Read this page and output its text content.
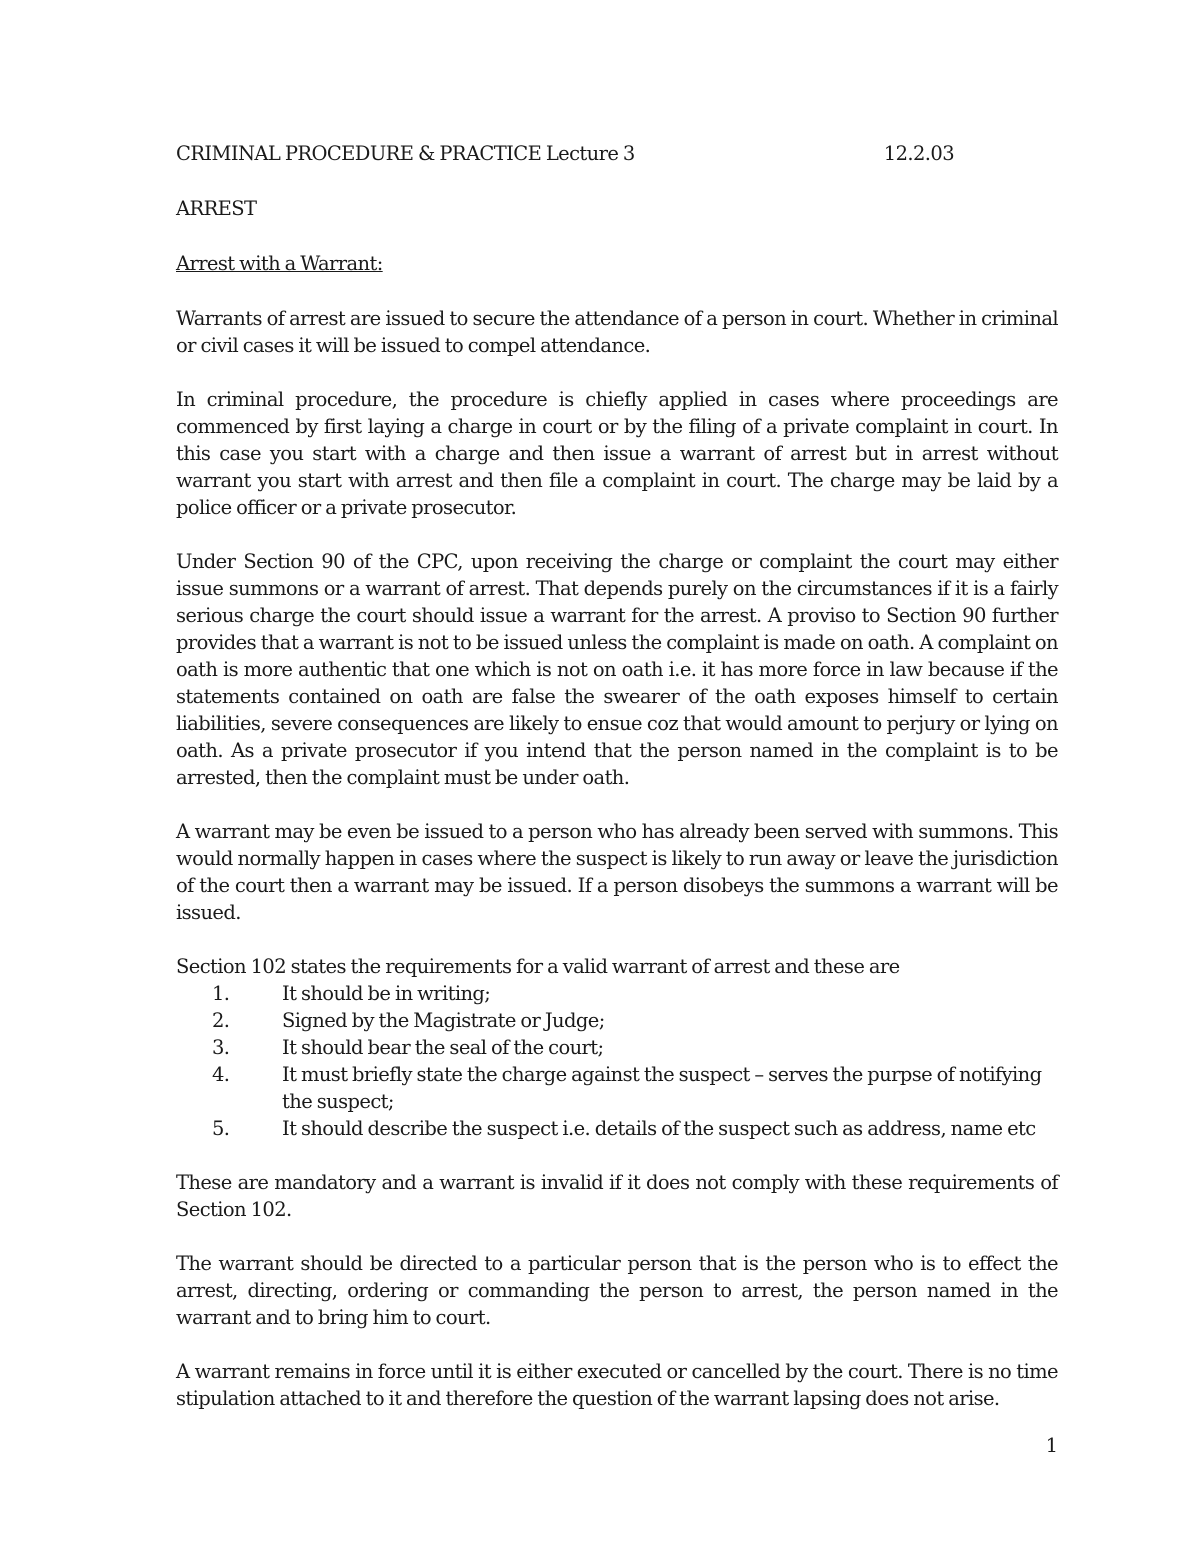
CRIMINAL PROCEDURE & PRACTICE Lecture 3	12.2.03
ARREST
Arrest with a Warrant:

Warrants of arrest are issued to secure the attendance of a person in court. Whether in criminal or civil cases it will be issued to compel attendance.

In criminal procedure, the procedure is chiefly applied in cases where proceedings are commenced by first laying a charge in court or by the filing of a private complaint in court. In this case you start with a charge and then issue a warrant of arrest but in arrest without warrant you start with arrest and then file a complaint in court. The charge may be laid by a police officer or a private prosecutor.

Under Section 90 of the CPC, upon receiving the charge or complaint the court may either issue summons or a warrant of arrest. That depends purely on the circumstances if it is a fairly serious charge the court should issue a warrant for the arrest. A proviso to Section 90 further provides that a warrant is not to be issued unless the complaint is made on oath. A complaint on oath is more authentic that one which is not on oath i.e. it has more force in law because if the statements contained on oath are false the swearer of the oath exposes himself to certain liabilities, severe consequences are likely to ensue coz that would amount to perjury or lying on oath. As a private prosecutor if you intend that the person named in the complaint is to be arrested, then the complaint must be under oath.

A warrant may be even be issued to a person who has already been served with summons. This would normally happen in cases where the suspect is likely to run away or leave the jurisdiction of the court then a warrant may be issued. If a person disobeys the summons a warrant will be issued.

Section 102 states the requirements for a valid warrant of arrest and these are

1.	It should be in writing;
2.	Signed by the Magistrate or Judge;
3.	It should bear the seal of the court;
4.	It must briefly state the charge against the suspect – serves the purpse of notifying the suspect;
5.	It should describe the suspect i.e. details of the suspect such as address, name etc

These are mandatory and a warrant is invalid if it does not comply with these requirements of Section 102.

The warrant should be directed to a particular person that is the person who is to effect the arrest, directing, ordering or commanding the person to arrest, the person named in the warrant and to bring him to court.

A warrant remains in force until it is either executed or cancelled by the court. There is no time stipulation attached to it and therefore the question of the warrant lapsing does not arise.

1
